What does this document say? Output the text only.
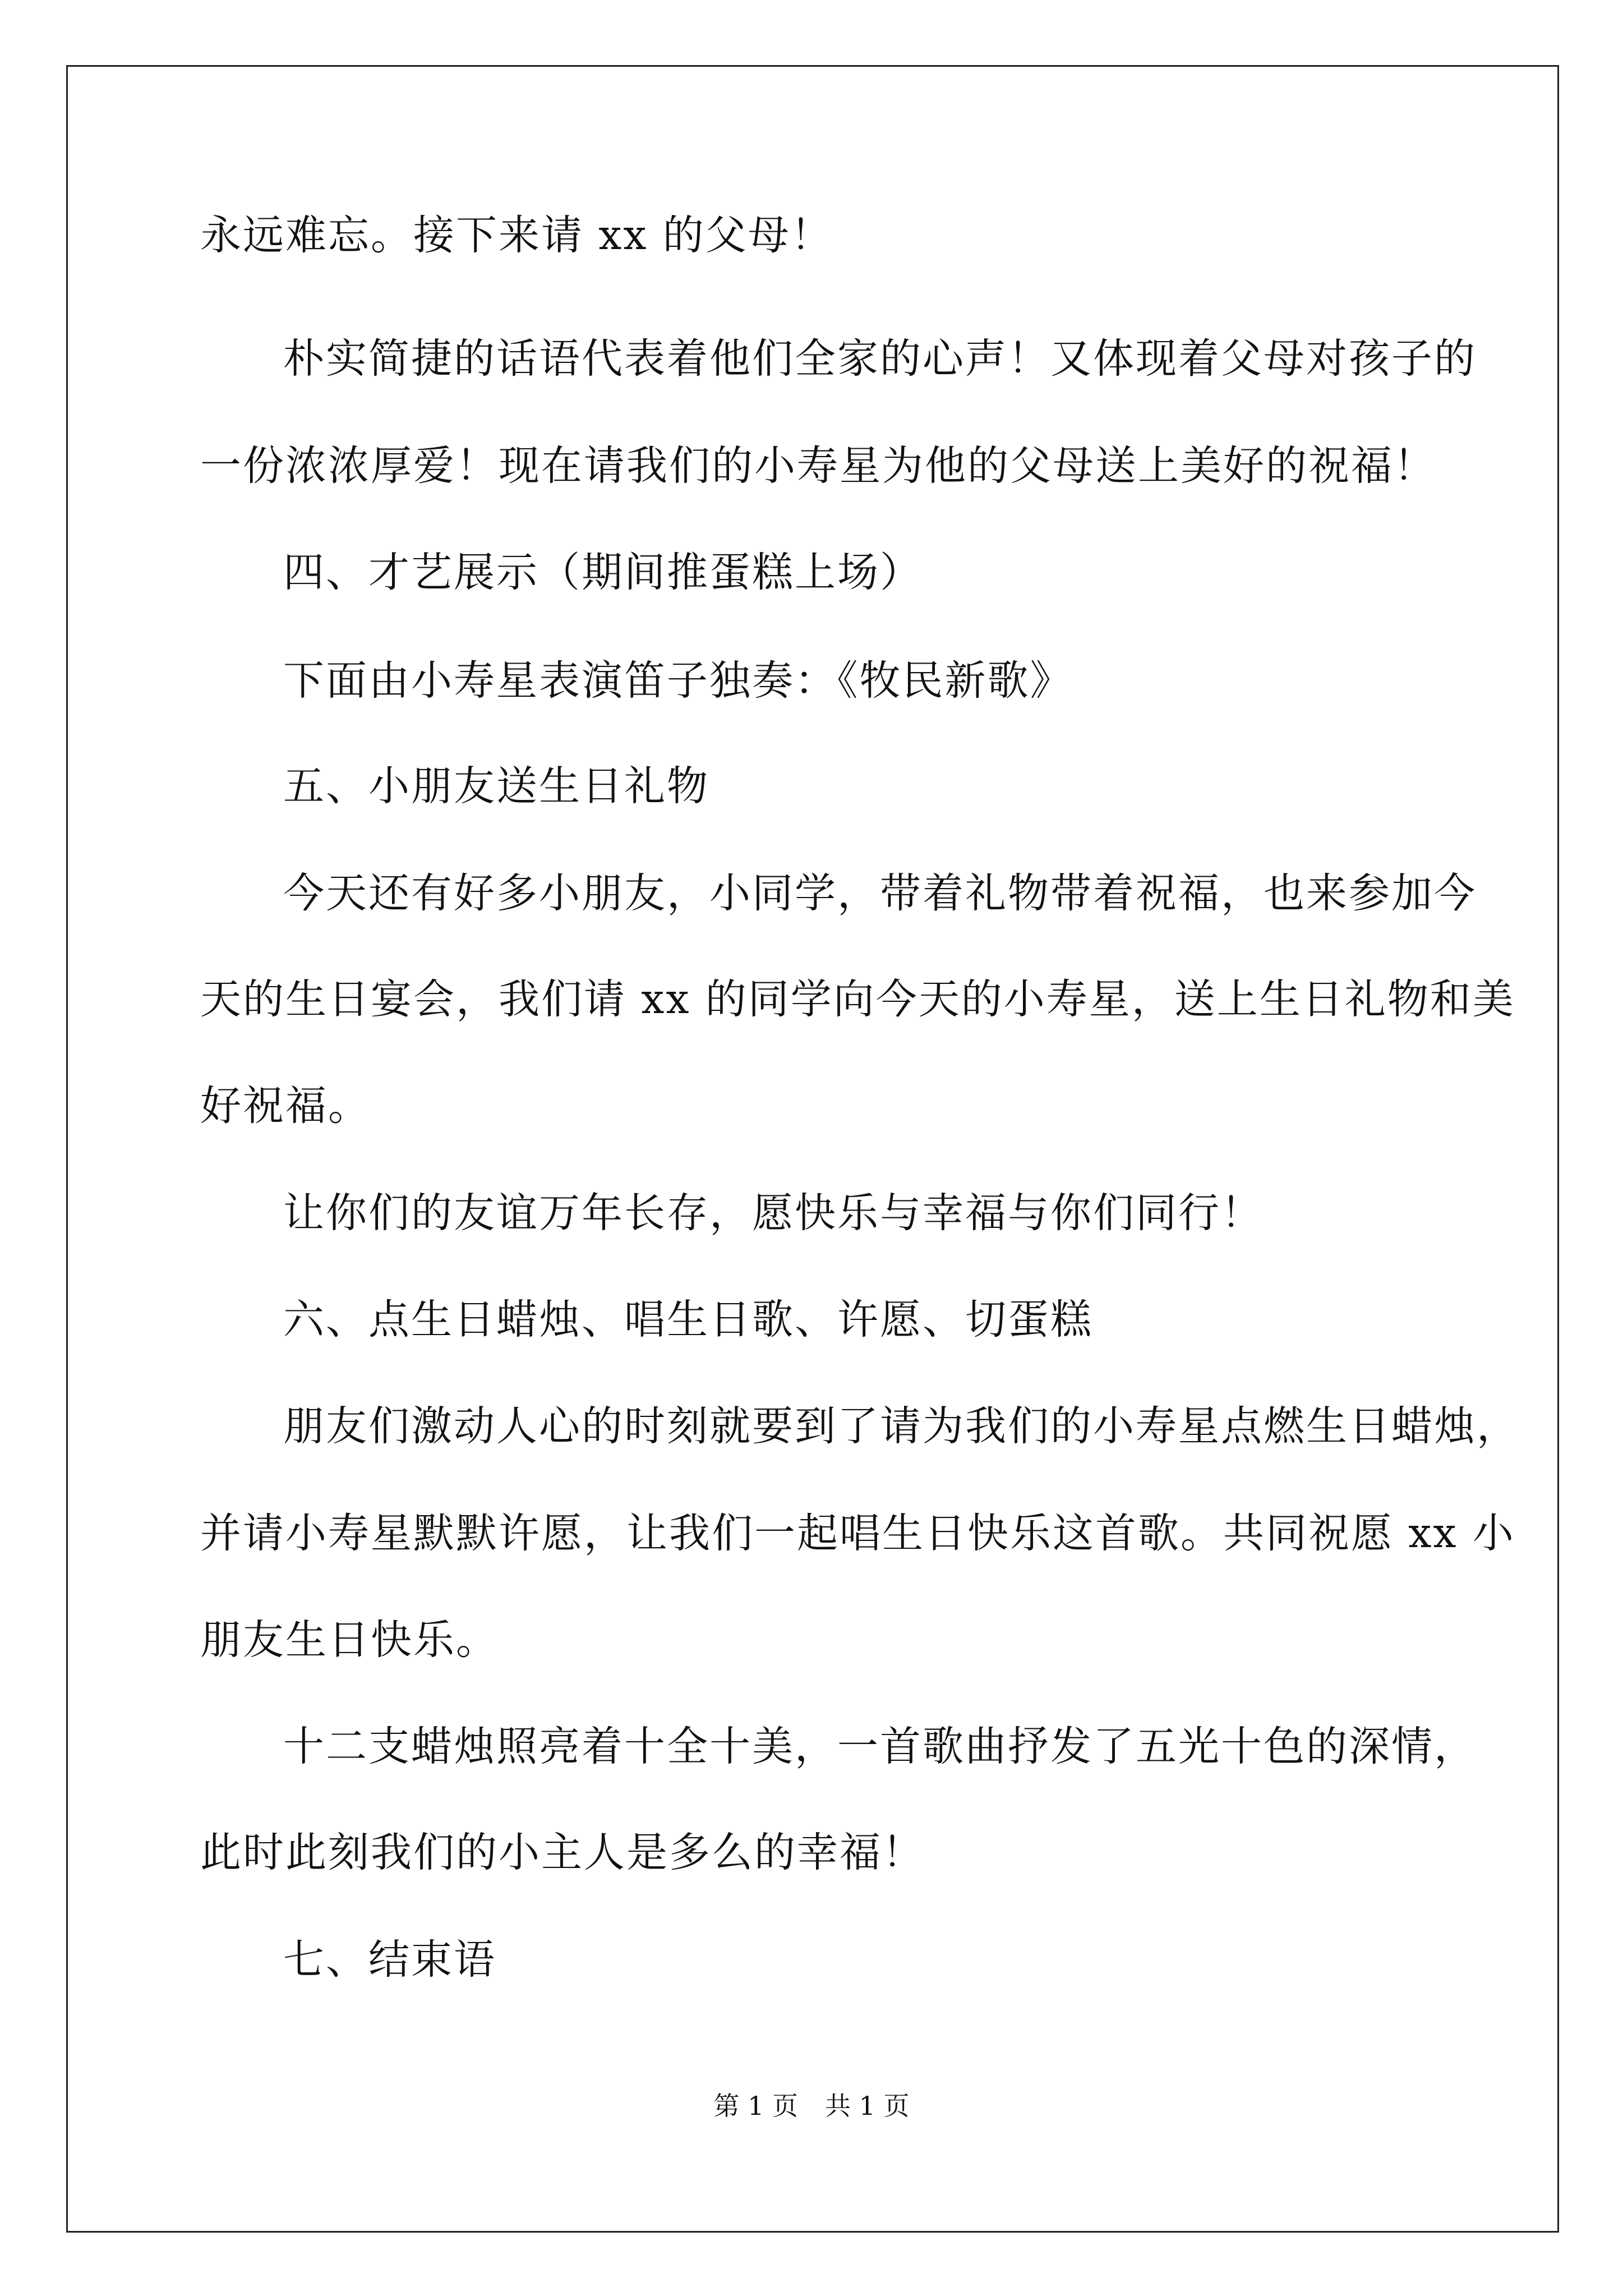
永远难忘。接下来请 xx 的父母！
朴实简捷的话语代表着他们全家的心声！又体现着父母对孩子的
一份浓浓厚爱！现在请我们的小寿星为他的父母送上美好的祝福！
四、才艺展示（期间推蛋糕上场）
下面由小寿星表演笛子独奏：《牧民新歌》
五、小朋友送生日礼物
今天还有好多小朋友，小同学，带着礼物带着祝福，也来参加今
天的生日宴会，我们请 xx 的同学向今天的小寿星，送上生日礼物和美
好祝福。
让你们的友谊万年长存，愿快乐与幸福与你们同行！
六、点生日蜡烛、唱生日歌、许愿、切蛋糕
朋友们激动人心的时刻就要到了请为我们的小寿星点燃生日蜡烛，
并请小寿星默默许愿，让我们一起唱生日快乐这首歌。共同祝愿 xx 小
朋友生日快乐。
十二支蜡烛照亮着十全十美，一首歌曲抒发了五光十色的深情，
此时此刻我们的小主人是多么的幸福！
七、结束语
第 1 页 共 1 页
